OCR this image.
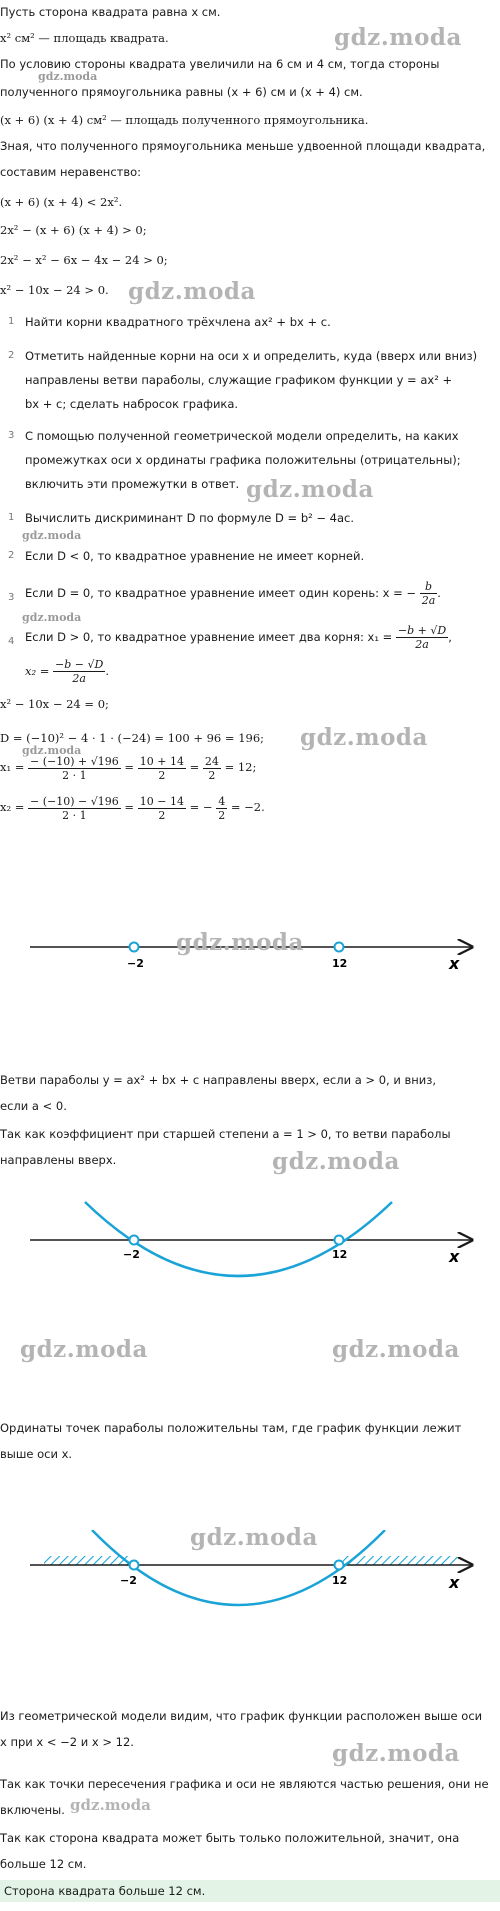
Пусть сторона квадрата равна x см.
x² см² — площадь квадрата.
По условию стороны квадрата увеличили на 6 см и 4 см, тогда стороны
полученного прямоугольника равны (x + 6) см и (x + 4) см.
(x + 6) (x + 4) см² — площадь полученного прямоугольника.
Зная, что полученного прямоугольника меньше удвоенной площади квадрата,
составим неравенство:
(x + 6) (x + 4) < 2x².
2x² − (x + 6) (x + 4) > 0;
2x² − x² − 6x − 4x − 24 > 0;
x² − 10x − 24 > 0.
1 Найти корни квадратного трёхчлена ax² + bx + c.
2 Отметить найденные корни на оси x и определить, куда (вверх или вниз)
направлены ветви параболы, служащие графиком функции y = ax² +
bx + c; сделать набросок графика.
3 С помощью полученной геометрической модели определить, на каких
промежутках оси x ординаты графика положительны (отрицательны);
включить эти промежутки в ответ.
1 Вычислить дискриминант D по формуле D = b² − 4ac.
2 Если D < 0, то квадратное уравнение не имеет корней.
3 Если D = 0, то квадратное уравнение имеет один корень: x = − $\frac{b}{2a}$ .
4 Если D > 0, то квадратное уравнение имеет два корня: $x_1 = \frac{-b + √D}{2a}$ ,
$x_2 = \frac{-b - √D}{2a}$ .
x² − 10x − 24 = 0;
D = (−10)² − 4 · 1 · (−24) = 100 + 96 = 196;
$x_1 = \frac{- (-10) + √196}{2 \cdot 1} = \frac{10 + 14}{2} = \frac{24}{2} = 12$;
$x_2 = \frac{- (-10) - √196}{2 \cdot 1} = \frac{10 - 14}{2}$ = − $\frac{4}{2} = -2$.
−2	12	x
Ветви параболы y = ax² + bx + c направлены вверх, если a > 0, и вниз,
если a < 0.
Так как коэффициент при старшей степени a = 1 > 0, то ветви параболы
направлены вверх.
−2	12	x
Ординаты точек параболы положительны там, где график функции лежит
выше оси x.
−2	12	x
Из геометрической модели видим, что график функции расположен выше оси
x при x < −2 и x > 12.
Так как точки пересечения графика и оси не являются частью решения, они не
включены.
Так как сторона квадрата может быть только положительной, значит, она
больше 12 см.
Сторона квадрата больше 12 см.
gdz.moda
gdz.moda
gdz.moda
gdz.moda
gdz.moda
gdz.moda
gdz.moda
gdz.moda
gdz.moda
gdz.moda
gdz.moda	gdz.moda
gdz.moda
gdz.moda
gdz.moda
